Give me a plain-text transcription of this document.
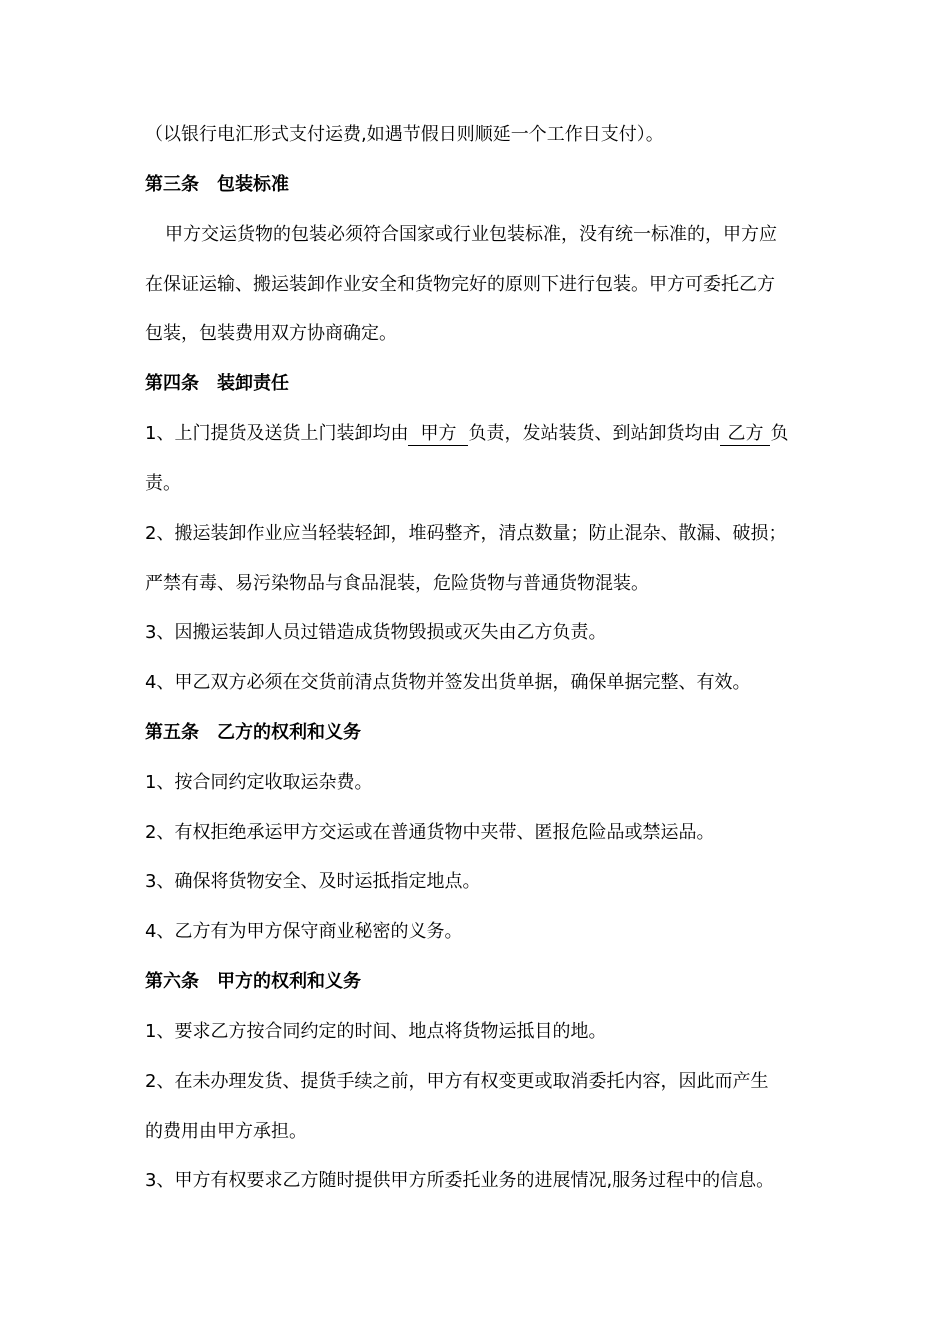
（以银行电汇形式支付运费,如遇节假日则顺延一个工作日支付）。
第三条 包装标准
甲方交运货物的包装必须符合国家或行业包装标准，没有统一标准的，甲方应
在保证运输、搬运装卸作业安全和货物完好的原则下进行包装。甲方可委托乙方
包装，包装费用双方协商确定。
第四条 装卸责任
1、上门提货及送货上门装卸均由 甲方 负责，发站装货、到站卸货均由 乙方 负
责。
2、搬运装卸作业应当轻装轻卸，堆码整齐，清点数量；防止混杂、散漏、破损；
严禁有毒、易污染物品与食品混装，危险货物与普通货物混装。
3、因搬运装卸人员过错造成货物毁损或灭失由乙方负责。
4、甲乙双方必须在交货前清点货物并签发出货单据，确保单据完整、有效。
第五条 乙方的权利和义务
1、按合同约定收取运杂费。
2、有权拒绝承运甲方交运或在普通货物中夹带、匿报危险品或禁运品。
3、确保将货物安全、及时运抵指定地点。
4、乙方有为甲方保守商业秘密的义务。
第六条 甲方的权利和义务
1、要求乙方按合同约定的时间、地点将货物运抵目的地。
2、在未办理发货、提货手续之前，甲方有权变更或取消委托内容，因此而产生
的费用由甲方承担。
3、甲方有权要求乙方随时提供甲方所委托业务的进展情况,服务过程中的信息。
